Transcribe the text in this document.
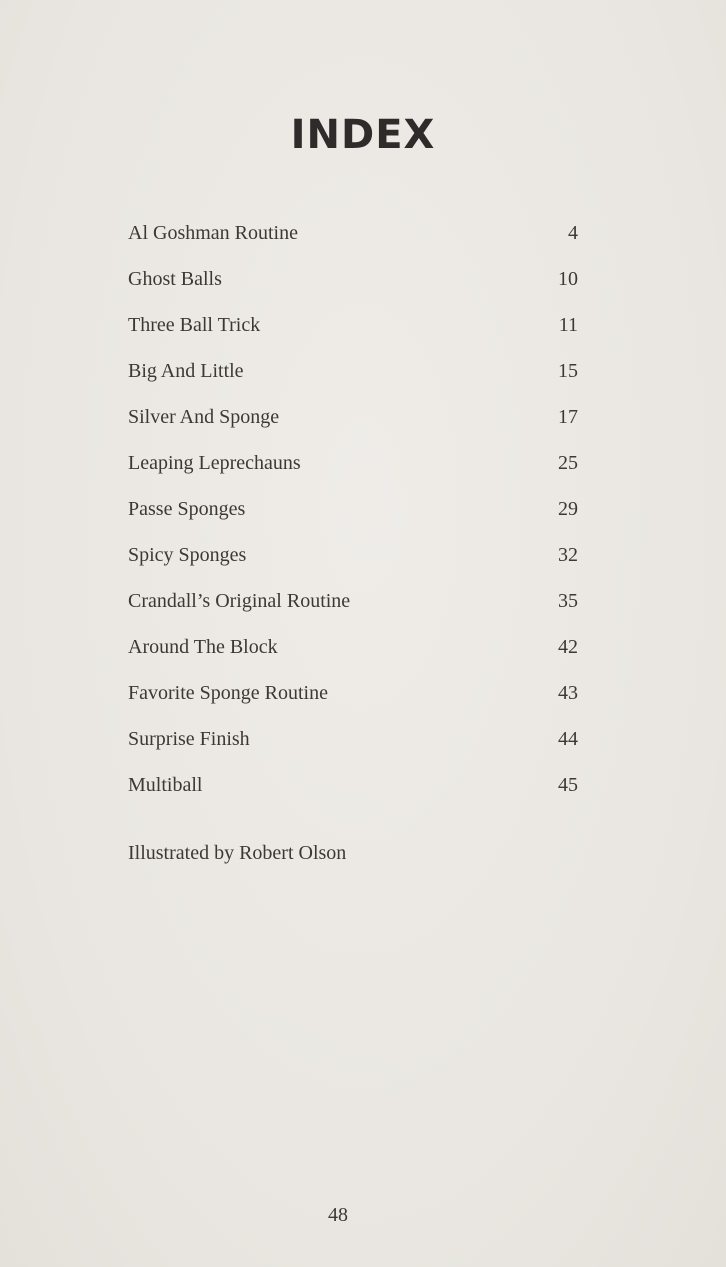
INDEX
Al Goshman Routine	4
Ghost Balls	10
Three Ball Trick	11
Big And Little	15
Silver And Sponge	17
Leaping Leprechauns	25
Passe Sponges	29
Spicy Sponges	32
Crandall’s Original Routine	35
Around The Block	42
Favorite Sponge Routine	43
Surprise Finish	44
Multiball	45
Illustrated by Robert Olson
48
